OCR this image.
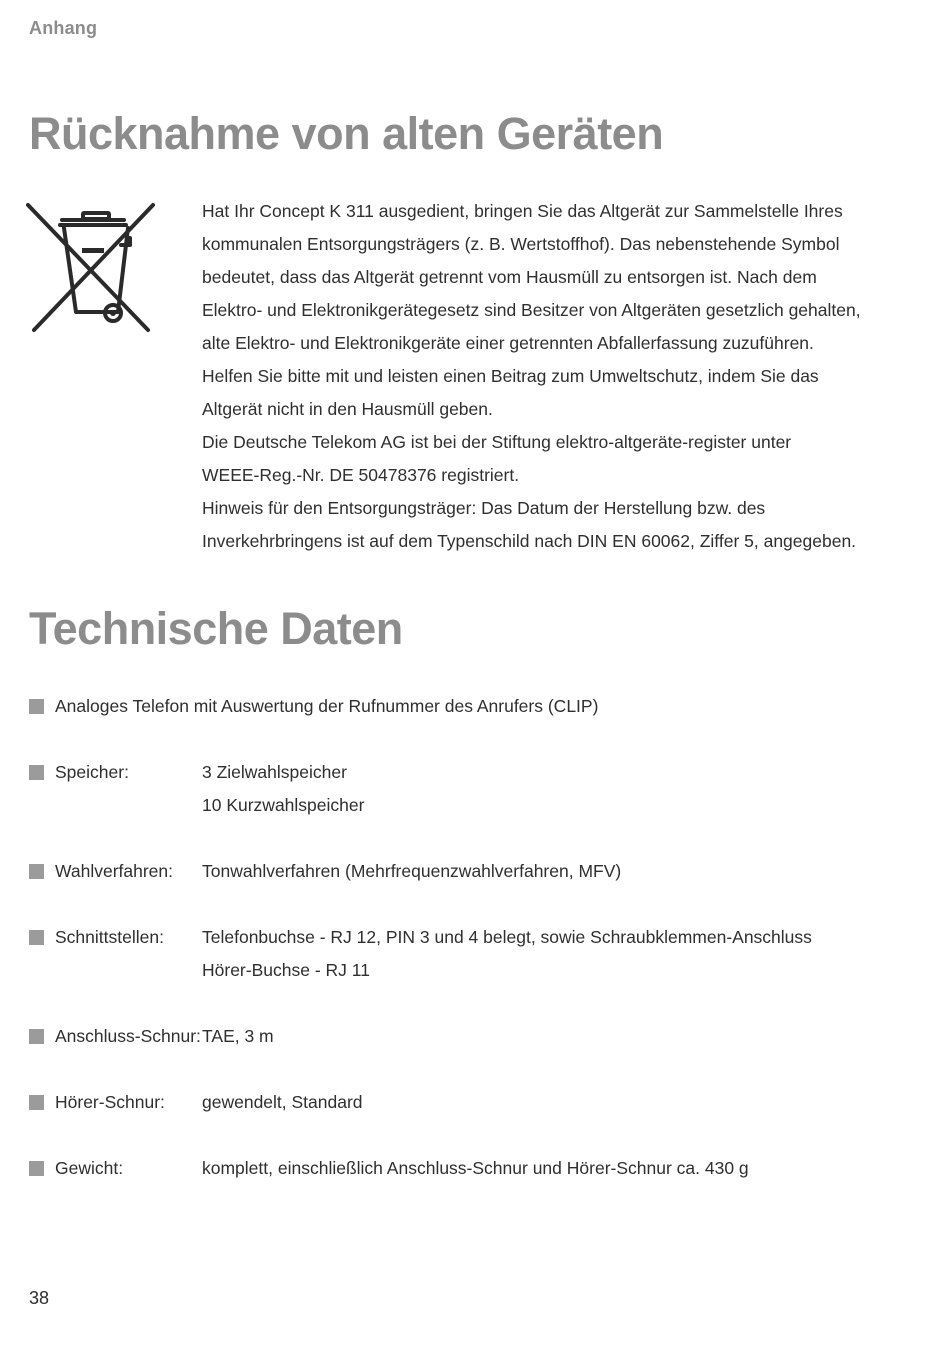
Anhang
Rücknahme von alten Geräten

Hat Ihr Concept K 311 ausgedient, bringen Sie das Altgerät zur Sammelstelle Ihres

kommunalen Entsorgungsträgers (z. B. Wertstoffhof). Das nebenstehende Symbol

bedeutet, dass das Altgerät getrennt vom Hausmüll zu entsorgen ist. Nach dem

Elektro- und Elektronikgerätegesetz sind Besitzer von Altgeräten gesetzlich gehalten,

alte Elektro- und Elektronikgeräte einer getrennten Abfallerfassung zuzuführen.

Helfen Sie bitte mit und leisten einen Beitrag zum Umweltschutz, indem Sie das

Altgerät nicht in den Hausmüll geben.

Die Deutsche Telekom AG ist bei der Stiftung elektro-altgeräte-register unter

WEEE-Reg.-Nr. DE 50478376 registriert.

Hinweis für den Entsorgungsträger: Das Datum der Herstellung bzw. des

Inverkehrbringens ist auf dem Typenschild nach DIN EN 60062, Ziffer 5, angegeben.

Technische Daten
Analoges Telefon mit Auswertung der Rufnummer des Anrufers (CLIP)
Speicher:	3 Zielwahlspeicher
10 Kurzwahlspeicher
Wahlverfahren: Tonwahlverfahren (Mehrfrequenzwahlverfahren, MFV)
Schnittstellen: Telefonbuchse - RJ 12, PIN 3 und 4 belegt, sowie Schraubklemmen-Anschluss
Hörer-Buchse - RJ 11
Anschluss-Schnur: TAE, 3 m
Hörer-Schnur: gewendelt, Standard
Gewicht:	komplett, einschließlich Anschluss-Schnur und Hörer-Schnur ca. 430 g
38
